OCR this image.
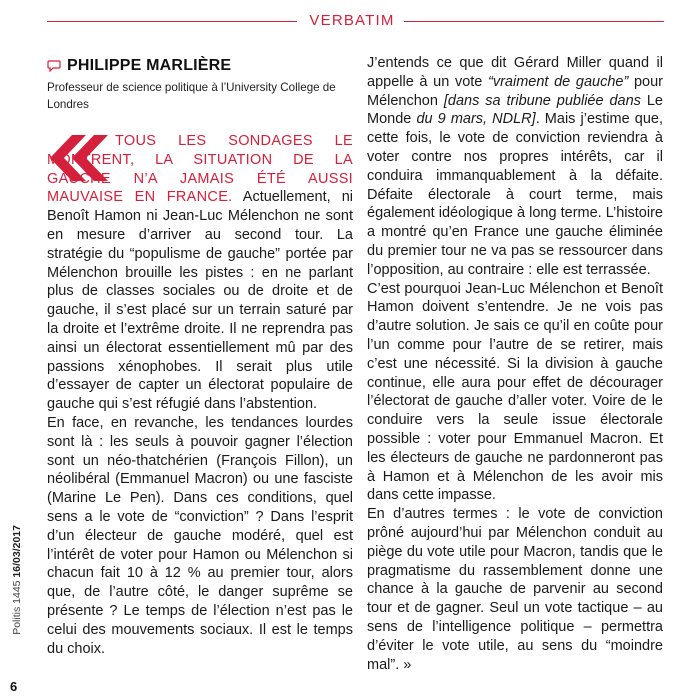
VERBATIM
PHILIPPE MARLIÈRE
Professeur de science politique à l’University College de Londres

TOUS LES SONDAGES LE MONTRENT, LA SITUATION DE LA GAUCHE N’A JAMAIS ÉTÉ AUSSI MAUVAISE EN FRANCE. Actuellement, ni Benoît Hamon ni Jean-Luc Mélenchon ne sont en mesure d’arriver au second tour. La stratégie du “populisme de gauche” portée par Mélenchon brouille les pistes : en ne parlant plus de classes sociales ou de droite et de gauche, il s’est placé sur un terrain saturé par la droite et l’extrême droite. Il ne reprendra pas ainsi un électorat essentiellement mû par des passions xénophobes. Il serait plus utile d’essayer de capter un électorat populaire de gauche qui s’est réfugié dans l’abstention.

En face, en revanche, les tendances lourdes sont là : les seuls à pouvoir gagner l’élection sont un néo-thatchérien (François Fillon), un néolibéral (Emmanuel Macron) ou une fasciste (Marine Le Pen). Dans ces conditions, quel sens a le vote de “conviction” ? Dans l’esprit d’un électeur de gauche modéré, quel est l’intérêt de voter pour Hamon ou Mélenchon si chacun fait 10 à 12 % au premier tour, alors que, de l’autre côté, le danger suprême se présente ? Le temps de l’élection n’est pas le celui des mouvements sociaux. Il est le temps du choix.

J’entends ce que dit Gérard Miller quand il appelle à un vote “vraiment de gauche” pour Mélenchon [dans sa tribune publiée dans Le Monde du 9 mars, NDLR]. Mais j’estime que, cette fois, le vote de conviction reviendra à voter contre nos propres intérêts, car il conduira immanquablement à la défaite. Défaite électorale à court terme, mais également idéologique à long terme. L’histoire a montré qu’en France une gauche éliminée du premier tour ne va pas se ressourcer dans l’opposition, au contraire : elle est terrassée.

C’est pourquoi Jean-Luc Mélenchon et Benoît Hamon doivent s’entendre. Je ne vois pas d’autre solution. Je sais ce qu’il en coûte pour l’un comme pour l’autre de se retirer, mais c’est une nécessité. Si la division à gauche continue, elle aura pour effet de décourager l’électorat de gauche d’aller voter. Voire de le conduire vers la seule issue électorale possible : voter pour Emmanuel Macron. Et les électeurs de gauche ne pardonneront pas à Hamon et à Mélenchon de les avoir mis dans cette impasse.

En d’autres termes : le vote de conviction prôné aujourd’hui par Mélenchon conduit au piège du vote utile pour Macron, tandis que le pragmatisme du rassemblement donne une chance à la gauche de parvenir au second tour et de gagner. Seul un vote tactique – au sens de l’intelligence politique – permettra d’éviter le vote utile, au sens du “moindre mal”. »

Politis 1445 16/03/2017
6
